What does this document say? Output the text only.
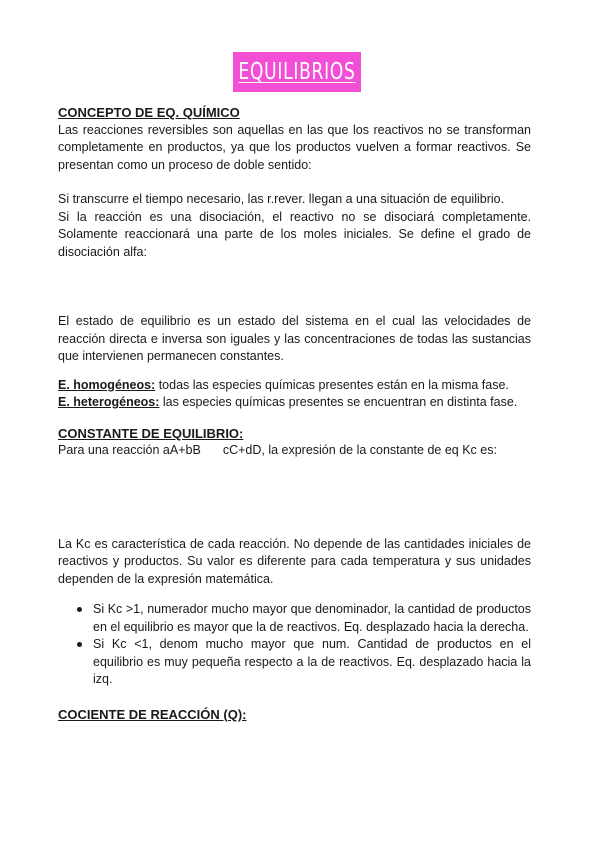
EQUILIBRIOS
CONCEPTO DE EQ. QUÍMICO

Las reacciones reversibles son aquellas en las que los reactivos no se transforman completamente en productos, ya que los productos vuelven a formar reactivos. Se presentan como un proceso de doble sentido:

Si transcurre el tiempo necesario, las r.rever. llegan a una situación de equilibrio.

Si la reacción es una disociación, el reactivo no se disociará completamente. Solamente reaccionará una parte de los moles iniciales. Se define el grado de disociación alfa:

El estado de equilibrio es un estado del sistema en el cual las velocidades de reacción directa e inversa son iguales y las concentraciones de todas las sustancias que intervienen permanecen constantes.

E. homogéneos: todas las especies químicas presentes están en la misma fase.

E. heterogéneos: las especies químicas presentes se encuentran en distinta fase.

CONSTANTE DE EQUILIBRIO:

Para una reacción aA+bB cC+dD, la expresión de la constante de eq Kc es:

La Kc es característica de cada reacción. No depende de las cantidades iniciales de reactivos y productos. Su valor es diferente para cada temperatura y sus unidades dependen de la expresión matemática.

Si Kc >1, numerador mucho mayor que denominador, la cantidad de productos en el equilibrio es mayor que la de reactivos. Eq. desplazado hacia la derecha.
Si Kc <1, denom mucho mayor que num. Cantidad de productos en el equilibrio es muy pequeña respecto a la de reactivos. Eq. desplazado hacia la izq.
COCIENTE DE REACCIÓN (Q):
